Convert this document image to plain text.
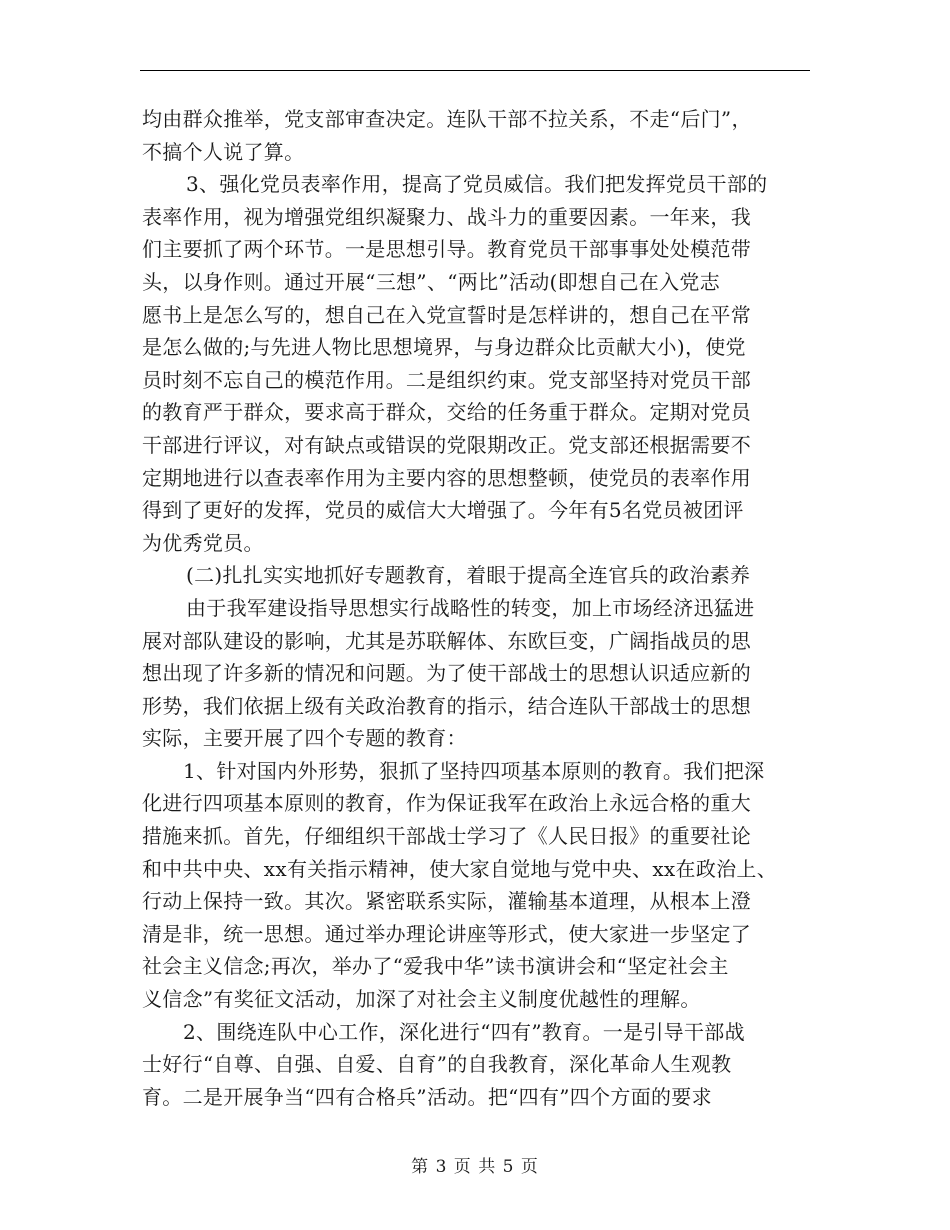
均由群众推举，党支部审查决定。连队干部不拉关系，不走“后门”，
不搞个人说了算。
3、强化党员表率作用，提高了党员威信。我们把发挥党员干部的
表率作用，视为增强党组织凝聚力、战斗力的重要因素。一年来，我
们主要抓了两个环节。一是思想引导。教育党员干部事事处处模范带
头，以身作则。通过开展“三想”、“两比”活动(即想自己在入党志
愿书上是怎么写的，想自己在入党宣誓时是怎样讲的，想自己在平常
是怎么做的;与先进人物比思想境界，与身边群众比贡献大小)，使党
员时刻不忘自己的模范作用。二是组织约束。党支部坚持对党员干部
的教育严于群众，要求高于群众，交给的任务重于群众。定期对党员
干部进行评议，对有缺点或错误的党限期改正。党支部还根据需要不
定期地进行以查表率作用为主要内容的思想整顿，使党员的表率作用
得到了更好的发挥，党员的威信大大增强了。今年有5名党员被团评
为优秀党员。
(二)扎扎实实地抓好专题教育，着眼于提高全连官兵的政治素养
由于我军建设指导思想实行战略性的转变，加上市场经济迅猛进
展对部队建设的影响，尤其是苏联解体、东欧巨变，广阔指战员的思
想出现了许多新的情况和问题。为了使干部战士的思想认识适应新的
形势，我们依据上级有关政治教育的指示，结合连队干部战士的思想
实际，主要开展了四个专题的教育：
1、针对国内外形势，狠抓了坚持四项基本原则的教育。我们把深
化进行四项基本原则的教育，作为保证我军在政治上永远合格的重大
措施来抓。首先，仔细组织干部战士学习了《人民日报》的重要社论
和中共中央、xx有关指示精神，使大家自觉地与党中央、xx在政治上、
行动上保持一致。其次。紧密联系实际，灌输基本道理，从根本上澄
清是非，统一思想。通过举办理论讲座等形式，使大家进一步坚定了
社会主义信念;再次，举办了“爱我中华”读书演讲会和“坚定社会主
义信念”有奖征文活动，加深了对社会主义制度优越性的理解。
2、围绕连队中心工作，深化进行“四有”教育。一是引导干部战
士好行“自尊、自强、自爱、自育”的自我教育，深化革命人生观教
育。二是开展争当“四有合格兵”活动。把“四有”四个方面的要求
第 3 页 共 5 页
